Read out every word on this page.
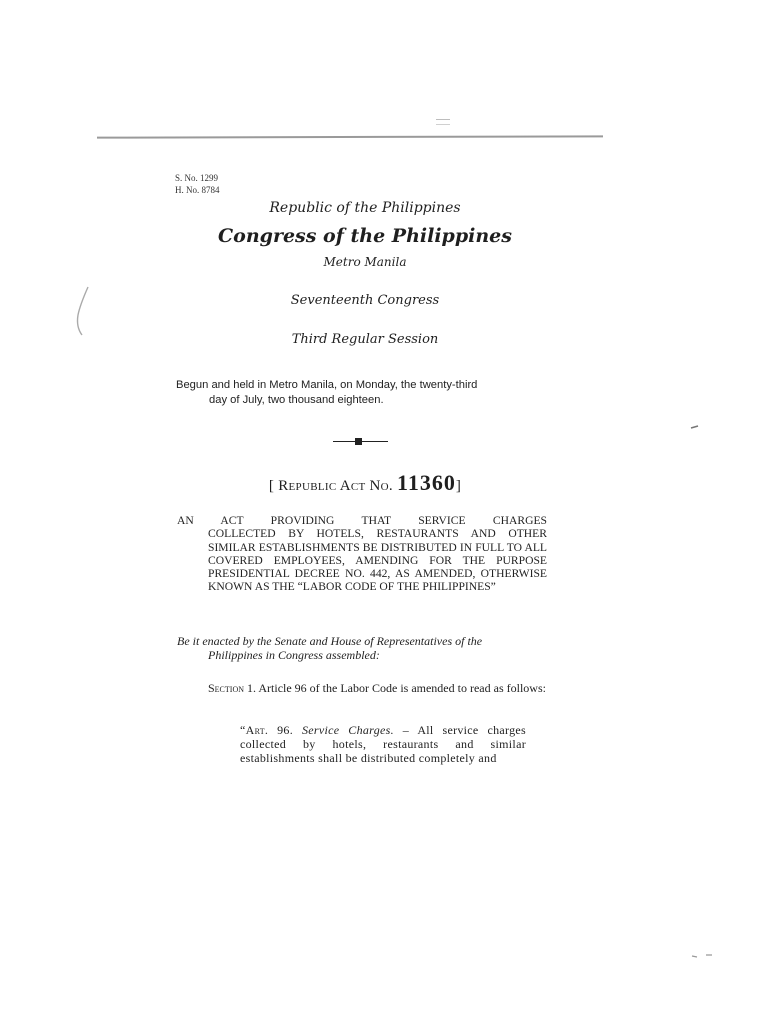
S. No. 1299
H. No. 8784
Republic of the Philippines
Congress of the Philippines
Metro Manila
Seventeenth Congress
Third Regular Session
Begun and held in Metro Manila, on Monday, the twenty-third
day of July, two thousand eighteen.
[ Republic Act No. 11360]
AN ACT PROVIDING THAT SERVICE CHARGES
COLLECTED BY HOTELS, RESTAURANTS AND OTHER SIMILAR ESTABLISHMENTS BE DISTRIBUTED IN FULL TO ALL COVERED EMPLOYEES, AMENDING FOR THE PURPOSE PRESIDENTIAL DECREE NO. 442, AS AMENDED, OTHERWISE KNOWN AS THE “LABOR CODE OF THE PHILIPPINES”
Be it enacted by the Senate and House of Representatives of the
Philippines in Congress assembled:
Section 1. Article 96 of the Labor Code is amended to read as follows:
“Art. 96. Service Charges. – All service charges collected by hotels, restaurants and similar establishments shall be distributed completely and
